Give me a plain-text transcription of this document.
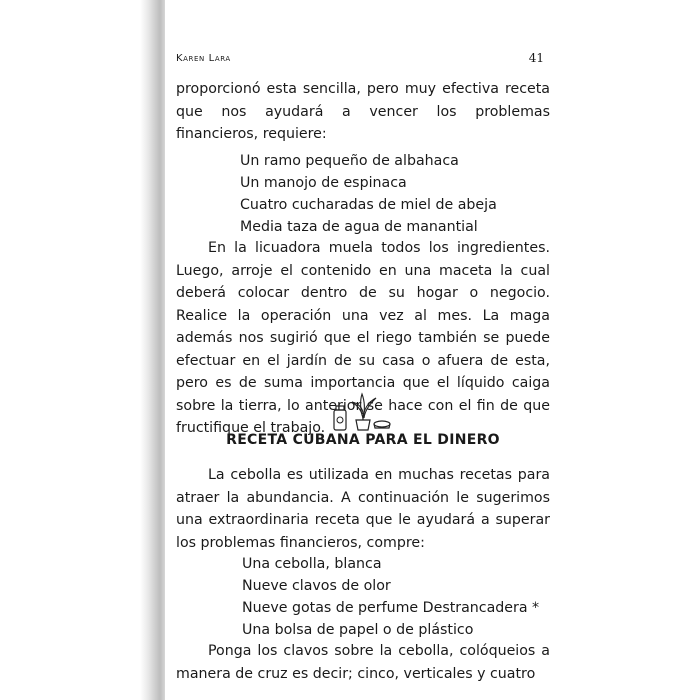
Karen Lara	41

proporcionó esta sencilla, pero muy efectiva receta que nos ayudará a vencer los problemas financieros, requiere:

Un ramo pequeño de albahaca
Un manojo de espinaca
Cuatro cucharadas de miel de abeja
Media taza de agua de manantial

En la licuadora muela todos los ingredientes. Luego, arroje el contenido en una maceta la cual deberá colocar dentro de su hogar o negocio. Realice la operación una vez al mes. La maga además nos sugirió que el riego también se puede efectuar en el jardín de su casa o afuera de esta, pero es de suma importancia que el líquido caiga sobre la tierra, lo anterior se hace con el fin de que fructifique el trabajo.

RECETA CUBANA PARA EL DINERO

La cebolla es utilizada en muchas recetas para atraer la abundancia. A continuación le sugerimos una extraordinaria receta que le ayudará a superar los problemas financieros, compre:

Una cebolla, blanca
Nueve clavos de olor
Nueve gotas de perfume Destrancadera *
Una bolsa de papel o de plástico

Ponga los clavos sobre la cebolla, colóqueios a manera de cruz es decir; cinco, verticales y cuatro
